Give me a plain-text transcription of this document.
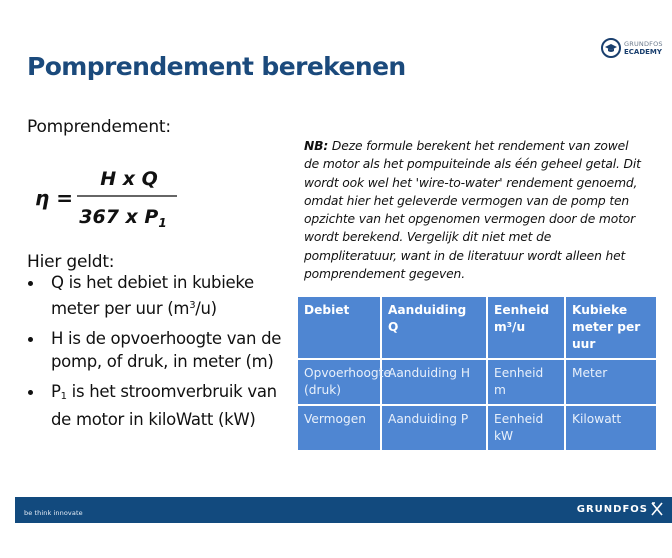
GRUNDFOS
ECADEMY
Pomprendement berekenen
Pomprendement:
η =
H x Q
367 x $P_1$
Hier geldt:
Q is het debiet in kubieke meter per uur $(m^3/u)$
H is de opvoerhoogte van de pomp, of druk, in meter (m)
$P_1$ is het stroomverbruik van de motor in kiloWatt (kW)
NB: Deze formule berekent het rendement van zowel de motor als het pompuiteinde als één geheel getal. Dit wordt ook wel het 'wire-to-water' rendement genoemd, omdat hier het geleverde vermogen van de pomp ten opzichte van het opgenomen vermogen door de motor wordt berekend. Vergelijk dit niet met de pompliteratuur, want in de literatuur wordt alleen het pomprendement gegeven.
Debiet	Aanduiding Q	Eenheid m³/u	Kubieke meter per uur
Opvoerhoogte (druk)	Aanduiding H	Eenheid m	Meter
Vermogen	Aanduiding P	Eenheid kW	Kilowatt
be think innovate	GRUNDFOS
